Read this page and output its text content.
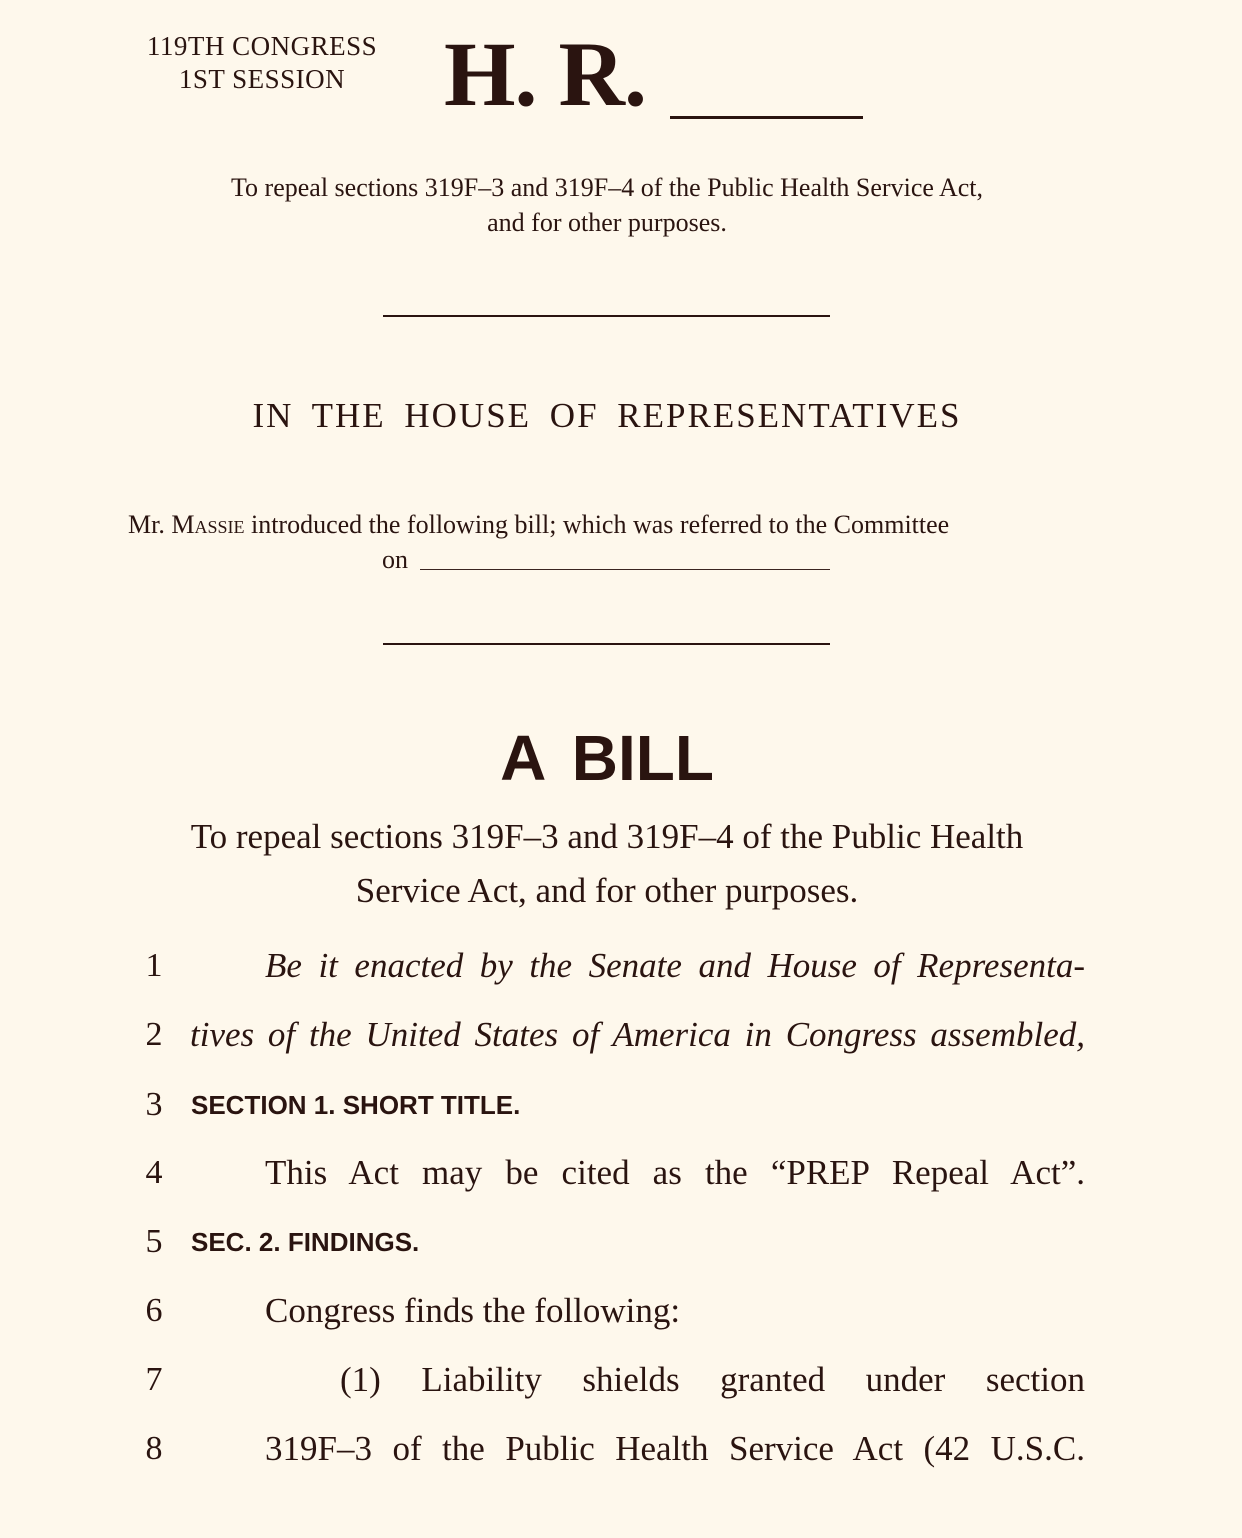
119TH CONGRESS
1ST SESSION	H. R.
To repeal sections 319F–3 and 319F–4 of the Public Health Service Act,
and for other purposes.
IN THE HOUSE OF REPRESENTATIVES
Mr. Massie introduced the following bill; which was referred to the Committee
on
A BILL
To repeal sections 319F–3 and 319F–4 of the Public Health
Service Act, and for other purposes.
1	Be it enacted by the Senate and House of Representa-
2 tives of the United States of America in Congress assembled,
3	SECTION 1. SHORT TITLE.
4	This Act may be cited as the “PREP Repeal Act”.
5	SEC. 2. FINDINGS.
6	Congress finds the following:
7	(1) Liability shields granted under section
8	319F–3 of the Public Health Service Act (42 U.S.C.
